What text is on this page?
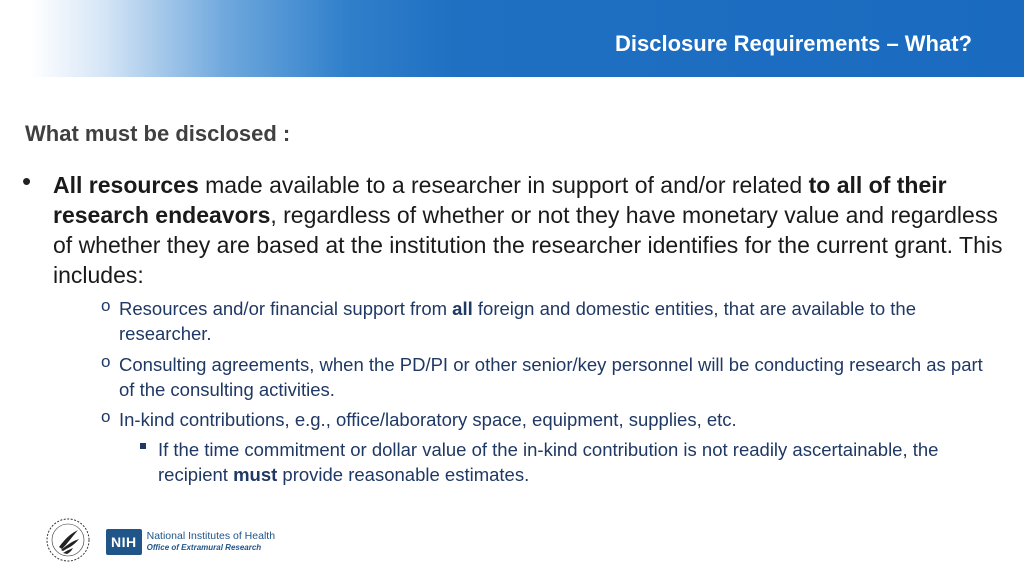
Disclosure Requirements – What?
What must be disclosed :
• All resources made available to a researcher in support of and/or related to all of their research endeavors, regardless of whether or not they have monetary value and regardless of whether they are based at the institution the researcher identifies for the current grant. This includes:
o Resources and/or financial support from all foreign and domestic entities, that are available to the researcher.
o Consulting agreements, when the PD/PI or other senior/key personnel will be conducting research as part of the consulting activities.
o In-kind contributions, e.g., office/laboratory space, equipment, supplies, etc.
If the time commitment or dollar value of the in-kind contribution is not readily ascertainable, the recipient must provide reasonable estimates.
NIH National Institutes of Health
Office of Extramural Research
